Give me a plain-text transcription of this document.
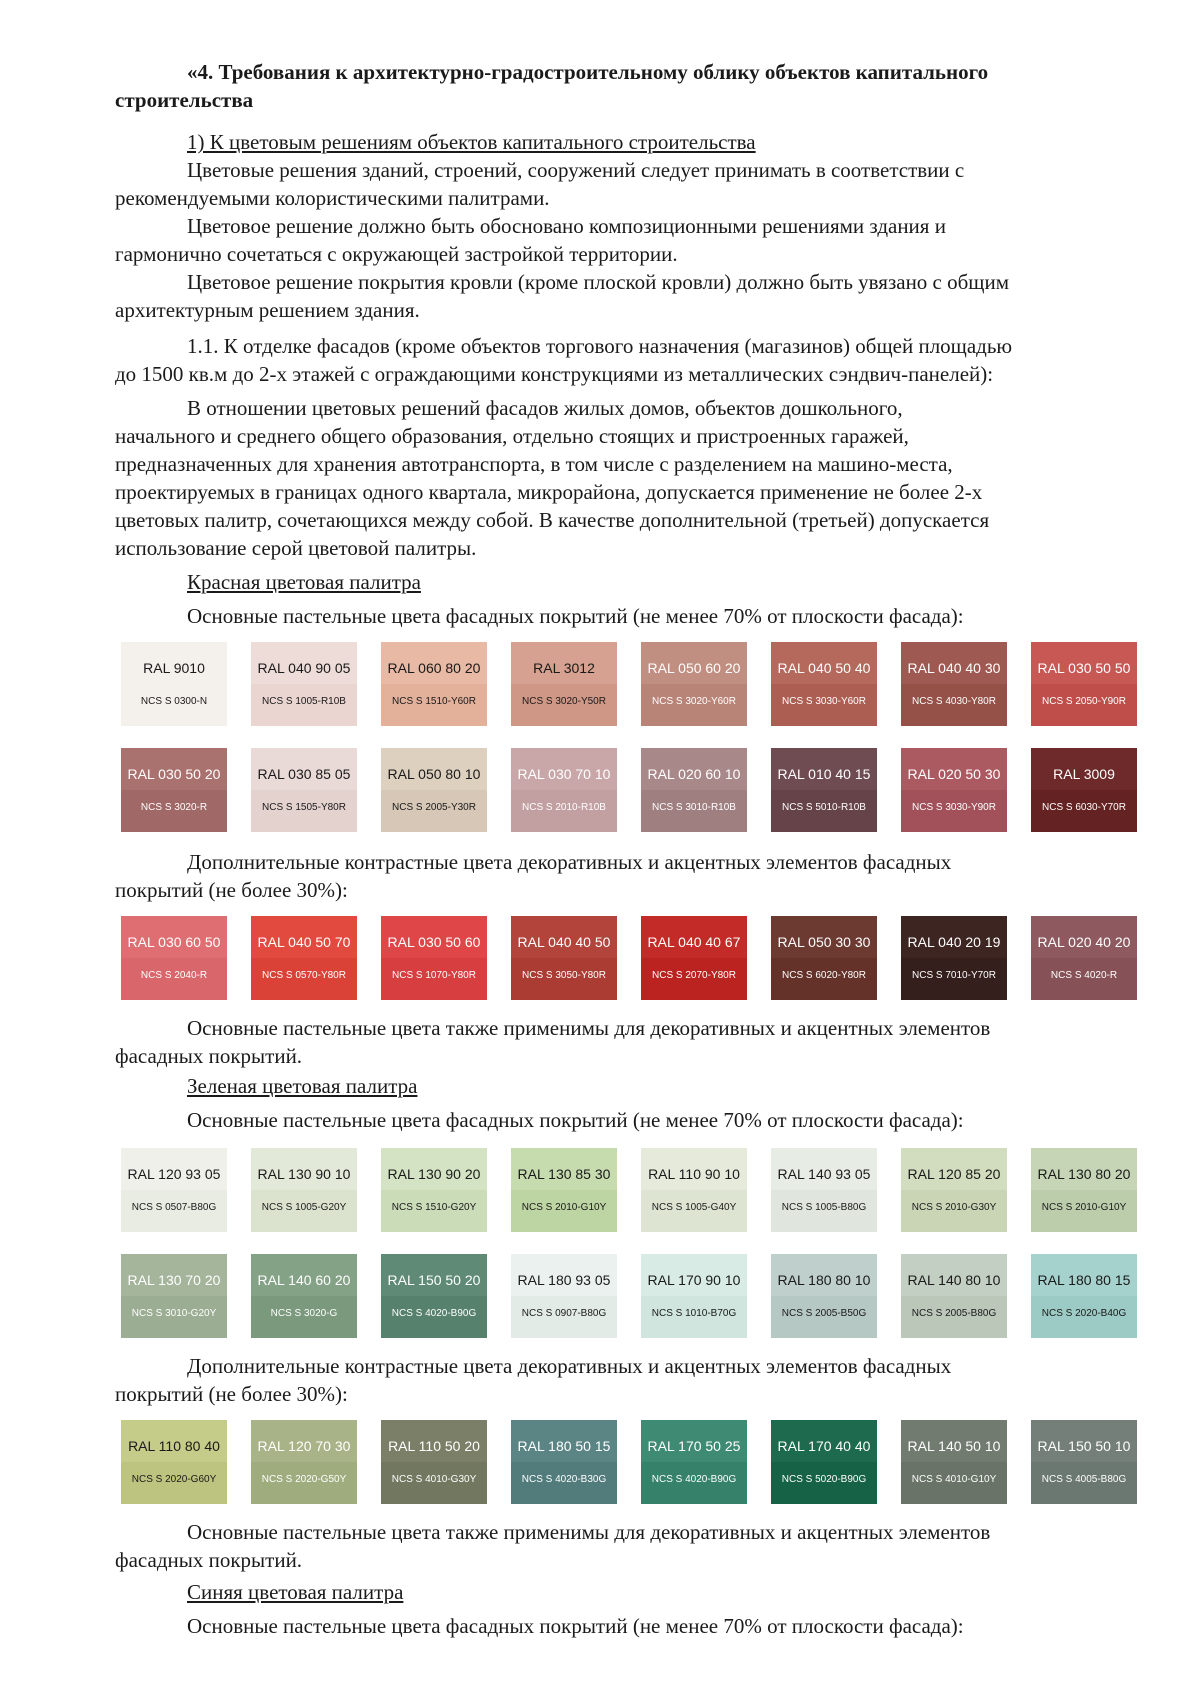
«4. Требования к архитектурно-градостроительному облику объектов капитального
строительства
1) К цветовым решениям объектов капитального строительства
Цветовые решения зданий, строений, сооружений следует принимать в соответствии с
рекомендуемыми колористическими палитрами.
Цветовое решение должно быть обосновано композиционными решениями здания и
гармонично сочетаться с окружающей застройкой территории.
Цветовое решение покрытия кровли (кроме плоской кровли) должно быть увязано с общим
архитектурным решением здания.
1.1. К отделке фасадов (кроме объектов торгового назначения (магазинов) общей площадью
до 1500 кв.м до 2-х этажей с ограждающими конструкциями из металлических сэндвич-панелей):
В отношении цветовых решений фасадов жилых домов, объектов дошкольного,
начального и среднего общего образования, отдельно стоящих и пристроенных гаражей,
предназначенных для хранения автотранспорта, в том числе с разделением на машино-места,
проектируемых в границах одного квартала, микрорайона, допускается применение не более 2-х
цветовых палитр, сочетающихся между собой. В качестве дополнительной (третьей) допускается
использование серой цветовой палитры.
Красная цветовая палитра
Основные пастельные цвета фасадных покрытий (не менее 70% от плоскости фасада):
RAL 9010
NCS S 0300-N
RAL 040 90 05
NCS S 1005-R10B
RAL 060 80 20
NCS S 1510-Y60R
RAL 3012
NCS S 3020-Y50R
RAL 050 60 20
NCS S 3020-Y60R
RAL 040 50 40
NCS S 3030-Y60R
RAL 040 40 30
NCS S 4030-Y80R
RAL 030 50 50
NCS S 2050-Y90R
RAL 030 50 20
NCS S 3020-R
RAL 030 85 05
NCS S 1505-Y80R
RAL 050 80 10
NCS S 2005-Y30R
RAL 030 70 10
NCS S 2010-R10B
RAL 020 60 10
NCS S 3010-R10B
RAL 010 40 15
NCS S 5010-R10B
RAL 020 50 30
NCS S 3030-Y90R
RAL 3009
NCS S 6030-Y70R
Дополнительные контрастные цвета декоративных и акцентных элементов фасадных
покрытий (не более 30%):
RAL 030 60 50
NCS S 2040-R
RAL 040 50 70
NCS S 0570-Y80R
RAL 030 50 60
NCS S 1070-Y80R
RAL 040 40 50
NCS S 3050-Y80R
RAL 040 40 67
NCS S 2070-Y80R
RAL 050 30 30
NCS S 6020-Y80R
RAL 040 20 19
NCS S 7010-Y70R
RAL 020 40 20
NCS S 4020-R
Основные пастельные цвета также применимы для декоративных и акцентных элементов
фасадных покрытий.
Зеленая цветовая палитра
Основные пастельные цвета фасадных покрытий (не менее 70% от плоскости фасада):
RAL 120 93 05
NCS S 0507-B80G
RAL 130 90 10
NCS S 1005-G20Y
RAL 130 90 20
NCS S 1510-G20Y
RAL 130 85 30
NCS S 2010-G10Y
RAL 110 90 10
NCS S 1005-G40Y
RAL 140 93 05
NCS S 1005-B80G
RAL 120 85 20
NCS S 2010-G30Y
RAL 130 80 20
NCS S 2010-G10Y
RAL 130 70 20
NCS S 3010-G20Y
RAL 140 60 20
NCS S 3020-G
RAL 150 50 20
NCS S 4020-B90G
RAL 180 93 05
NCS S 0907-B80G
RAL 170 90 10
NCS S 1010-B70G
RAL 180 80 10
NCS S 2005-B50G
RAL 140 80 10
NCS S 2005-B80G
RAL 180 80 15
NCS S 2020-B40G
Дополнительные контрастные цвета декоративных и акцентных элементов фасадных
покрытий (не более 30%):
RAL 110 80 40
NCS S 2020-G60Y
RAL 120 70 30
NCS S 2020-G50Y
RAL 110 50 20
NCS S 4010-G30Y
RAL 180 50 15
NCS S 4020-B30G
RAL 170 50 25
NCS S 4020-B90G
RAL 170 40 40
NCS S 5020-B90G
RAL 140 50 10
NCS S 4010-G10Y
RAL 150 50 10
NCS S 4005-B80G
Основные пастельные цвета также применимы для декоративных и акцентных элементов
фасадных покрытий.
Синяя цветовая палитра
Основные пастельные цвета фасадных покрытий (не менее 70% от плоскости фасада):
